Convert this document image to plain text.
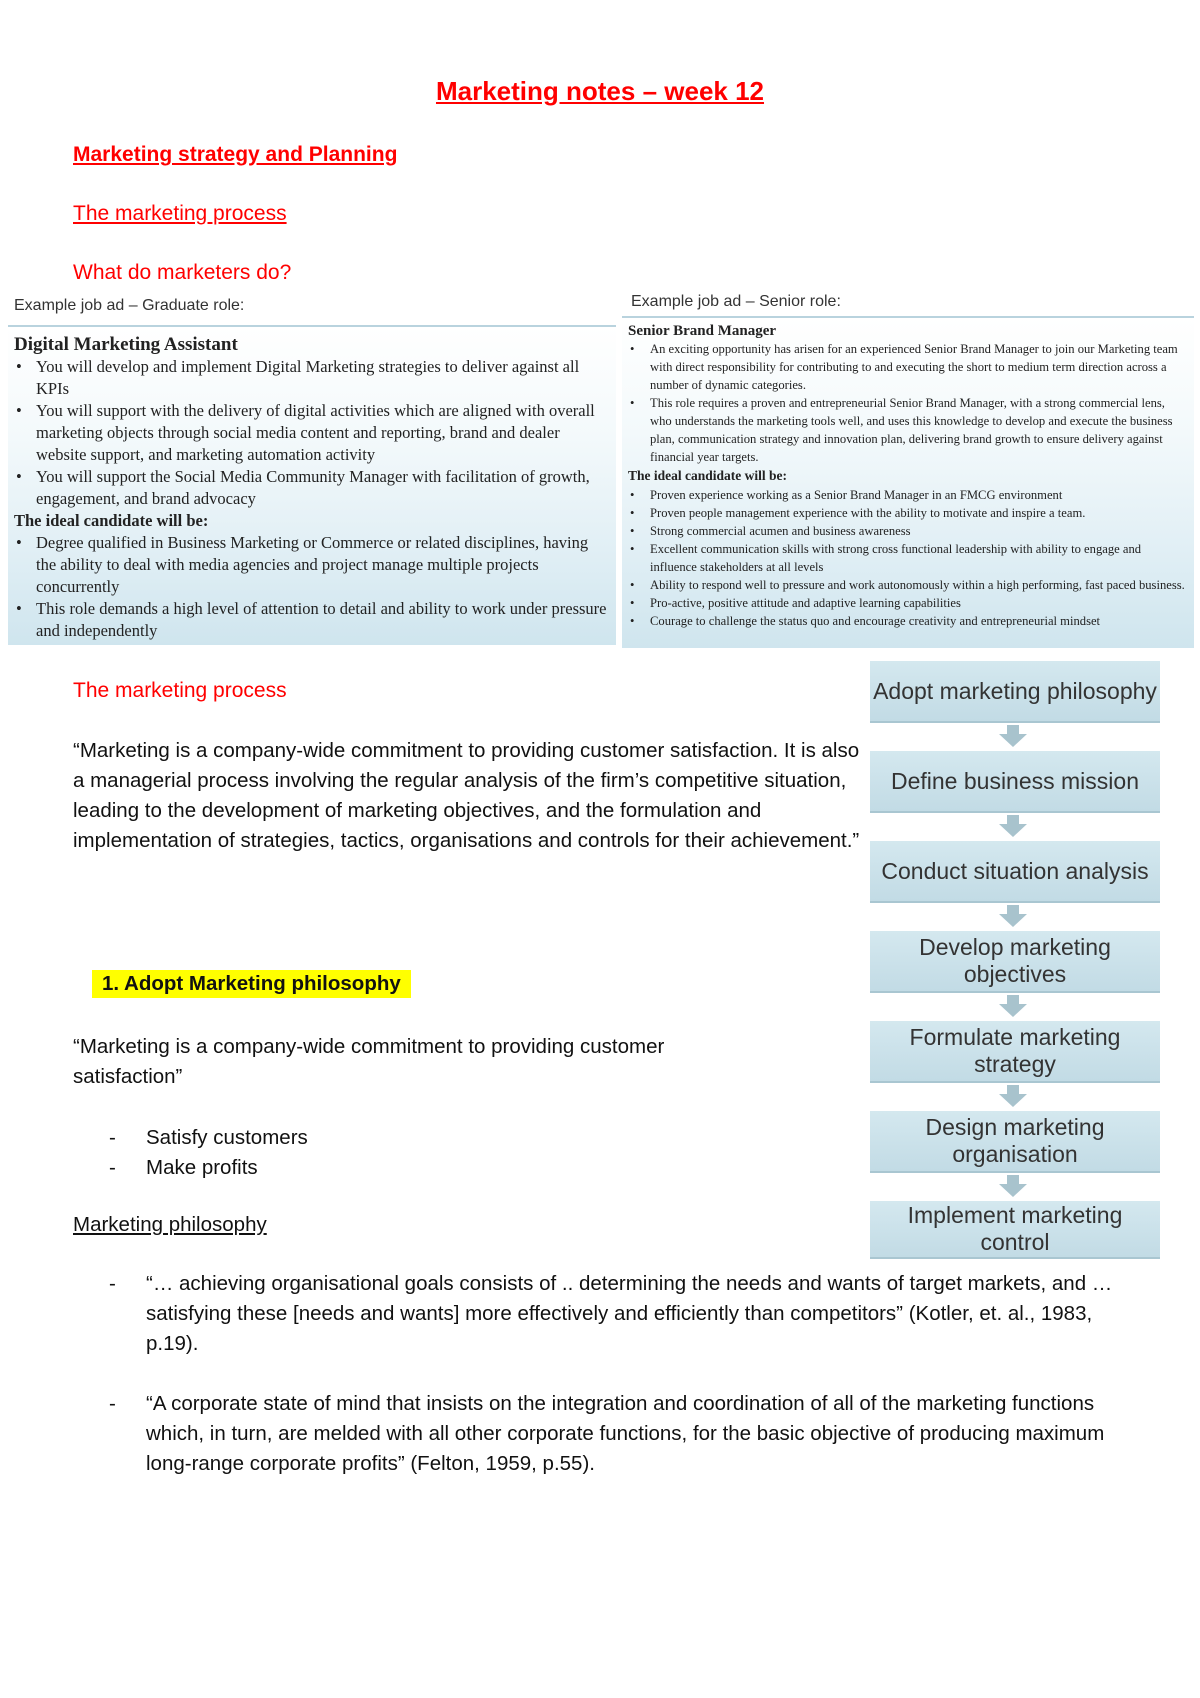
Marketing notes – week 12
Marketing strategy and Planning
The marketing process
What do marketers do?
Example job ad – Graduate role:

Digital Marketing Assistant

• You will develop and implement Digital Marketing strategies to deliver against all KPIs
• You will support with the delivery of digital activities which are aligned with overall marketing objects through social media content and reporting, brand and dealer website support, and marketing automation activity
• You will support the Social Media Community Manager with facilitation of growth, engagement, and brand advocacy

The ideal candidate will be:

• Degree qualified in Business Marketing or Commerce or related disciplines, having the ability to deal with media agencies and project manage multiple projects concurrently
• This role demands a high level of attention to detail and ability to work under pressure and independently
Example job ad – Senior role:

Senior Brand Manager

• An exciting opportunity has arisen for an experienced Senior Brand Manager to join our Marketing team with direct responsibility for contributing to and executing the short to medium term direction across a number of dynamic categories.
• This role requires a proven and entrepreneurial Senior Brand Manager, with a strong commercial lens, who understands the marketing tools well, and uses this knowledge to develop and execute the business plan, communication strategy and innovation plan, delivering brand growth to ensure delivery against financial year targets.

The ideal candidate will be:

• Proven experience working as a Senior Brand Manager in an FMCG environment
• Proven people management experience with the ability to motivate and inspire a team.
• Strong commercial acumen and business awareness
• Excellent communication skills with strong cross functional leadership with ability to engage and influence stakeholders at all levels
• Ability to respond well to pressure and work autonomously within a high performing, fast paced business.
• Pro-active, positive attitude and adaptive learning capabilities
• Courage to challenge the status quo and encourage creativity and entrepreneurial mindset
The marketing process
“Marketing is a company-wide commitment to providing customer satisfaction. It is also a managerial process involving the regular analysis of the firm’s competitive situation, leading to the development of marketing objectives, and the formulation and implementation of strategies, tactics, organisations and controls for their achievement.”
1. Adopt Marketing philosophy
“Marketing is a company-wide commitment to providing customer satisfaction”
- Satisfy customers
- Make profits
Marketing philosophy
- “… achieving organisational goals consists of .. determining the needs and wants of target markets, and … satisfying these [needs and wants] more effectively and efficiently than competitors” (Kotler, et. al., 1983, p.19).
- “A corporate state of mind that insists on the integration and coordination of all of the marketing functions which, in turn, are melded with all other corporate functions, for the basic objective of producing maximum long-range corporate profits” (Felton, 1959, p.55).
Adopt marketing philosophy
Define business mission
Conduct situation analysis
Develop marketing objectives
Formulate marketing strategy
Design marketing organisation
Implement marketing control
